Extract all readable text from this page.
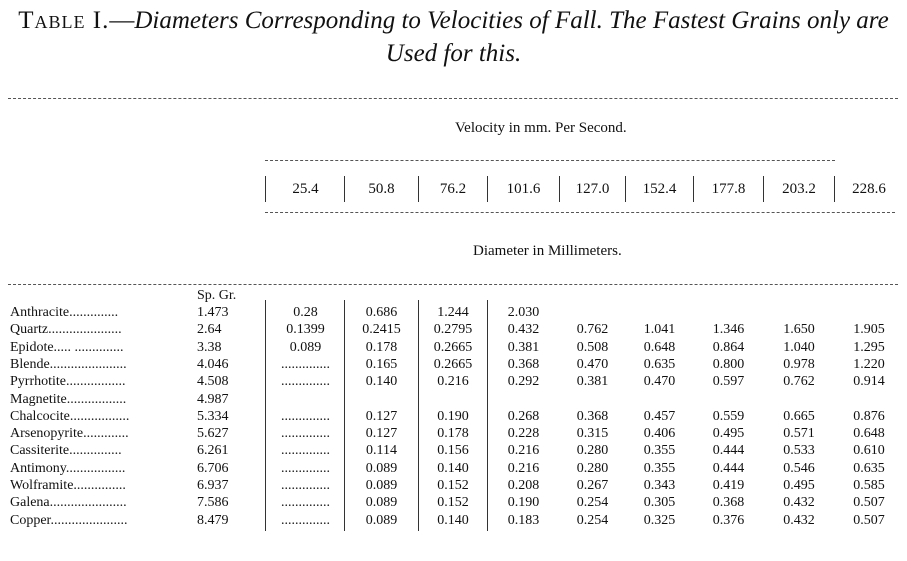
Table I.—Diameters Corresponding to Velocities of Fall. The Fastest Grains only are Used for this.
Velocity in mm. Per Second.
25.4	50.8	76.2	101.6	127.0	152.4	177.8	203.2	228.6
Diameter in Millimeters.
Sp. Gr.
Anthracite..............	1.473	0.28	0.686	1.244	2.030
Quartz.....................	2.64	0.1399	0.2415	0.2795	0.432	0.762	1.041	1.346	1.650	1.905
Epidote..... ..............	3.38	0.089	0.178	0.2665	0.381	0.508	0.648	0.864	1.040	1.295
Blende......................	4.046	..............	0.165	0.2665	0.368	0.470	0.635	0.800	0.978	1.220
Pyrrhotite.................	4.508	..............	0.140	0.216	0.292	0.381	0.470	0.597	0.762	0.914
Magnetite.................	4.987
Chalcocite.................	5.334	..............	0.127	0.190	0.268	0.368	0.457	0.559	0.665	0.876
Arsenopyrite.............	5.627	..............	0.127	0.178	0.228	0.315	0.406	0.495	0.571	0.648
Cassiterite...............	6.261	..............	0.114	0.156	0.216	0.280	0.355	0.444	0.533	0.610
Antimony.................	6.706	..............	0.089	0.140	0.216	0.280	0.355	0.444	0.546	0.635
Wolframite...............	6.937	..............	0.089	0.152	0.208	0.267	0.343	0.419	0.495	0.585
Galena......................	7.586	..............	0.089	0.152	0.190	0.254	0.305	0.368	0.432	0.507
Copper......................	8.479	..............	0.089	0.140	0.183	0.254	0.325	0.376	0.432	0.507
